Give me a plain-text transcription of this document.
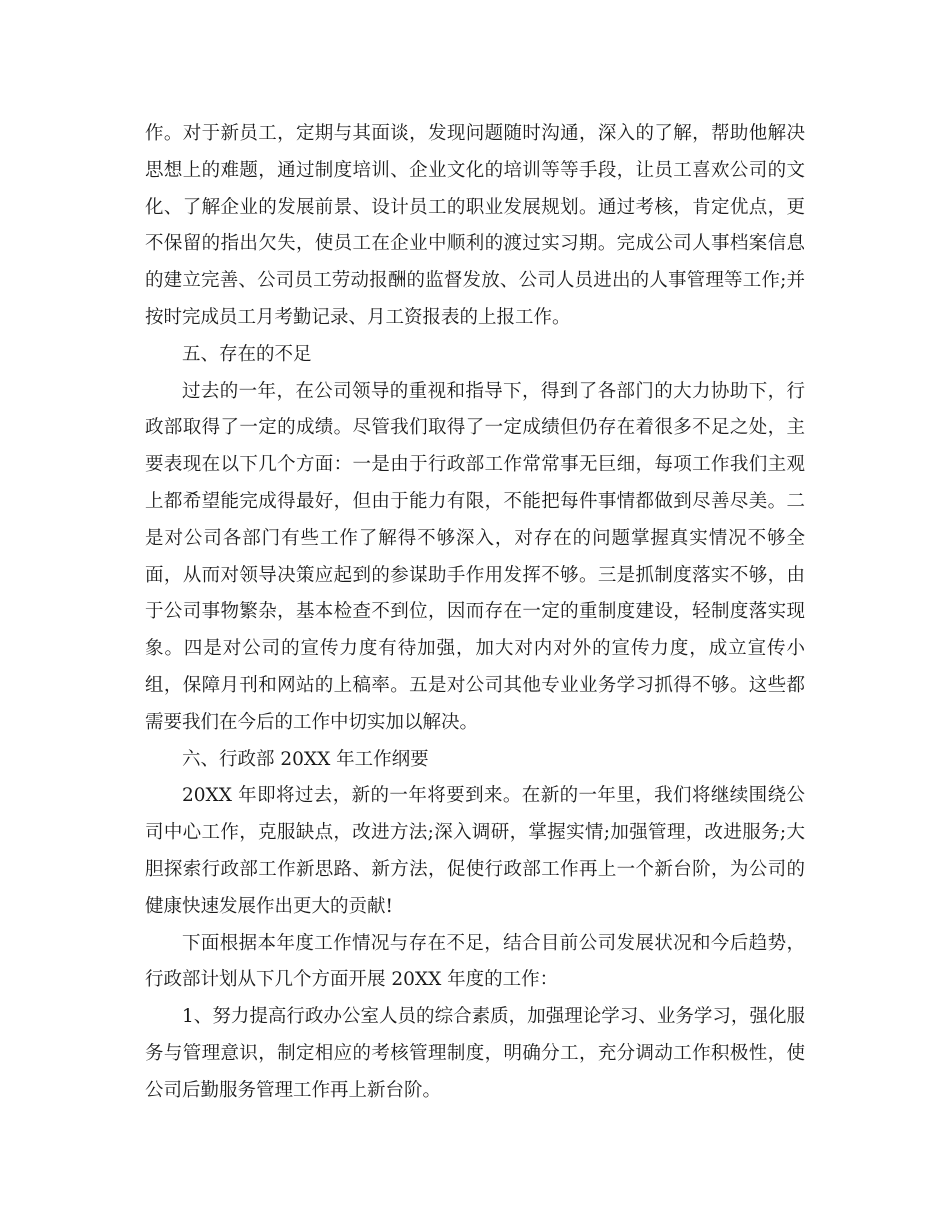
作。对于新员工，定期与其面谈，发现问题随时沟通，深入的了解，帮助他解决思想上的难题，通过制度培训、企业文化的培训等等手段，让员工喜欢公司的文化、了解企业的发展前景、设计员工的职业发展规划。通过考核，肯定优点，更不保留的指出欠失，使员工在企业中顺利的渡过实习期。完成公司人事档案信息的建立完善、公司员工劳动报酬的监督发放、公司人员进出的人事管理等工作;并按时完成员工月考勤记录、月工资报表的上报工作。

五、存在的不足

过去的一年，在公司领导的重视和指导下，得到了各部门的大力协助下，行政部取得了一定的成绩。尽管我们取得了一定成绩但仍存在着很多不足之处，主要表现在以下几个方面：一是由于行政部工作常常事无巨细，每项工作我们主观上都希望能完成得最好，但由于能力有限，不能把每件事情都做到尽善尽美。二是对公司各部门有些工作了解得不够深入，对存在的问题掌握真实情况不够全面，从而对领导决策应起到的参谋助手作用发挥不够。三是抓制度落实不够，由于公司事物繁杂，基本检查不到位，因而存在一定的重制度建设，轻制度落实现象。四是对公司的宣传力度有待加强，加大对内对外的宣传力度，成立宣传小组，保障月刊和网站的上稿率。五是对公司其他专业业务学习抓得不够。这些都需要我们在今后的工作中切实加以解决。

六、行政部 20XX 年工作纲要

20XX 年即将过去，新的一年将要到来。在新的一年里，我们将继续围绕公司中心工作，克服缺点，改进方法;深入调研，掌握实情;加强管理，改进服务;大胆探索行政部工作新思路、新方法，促使行政部工作再上一个新台阶，为公司的健康快速发展作出更大的贡献!

下面根据本年度工作情况与存在不足，结合目前公司发展状况和今后趋势，行政部计划从下几个方面开展 20XX 年度的工作：

1、努力提高行政办公室人员的综合素质，加强理论学习、业务学习，强化服务与管理意识，制定相应的考核管理制度，明确分工，充分调动工作积极性，使公司后勤服务管理工作再上新台阶。
